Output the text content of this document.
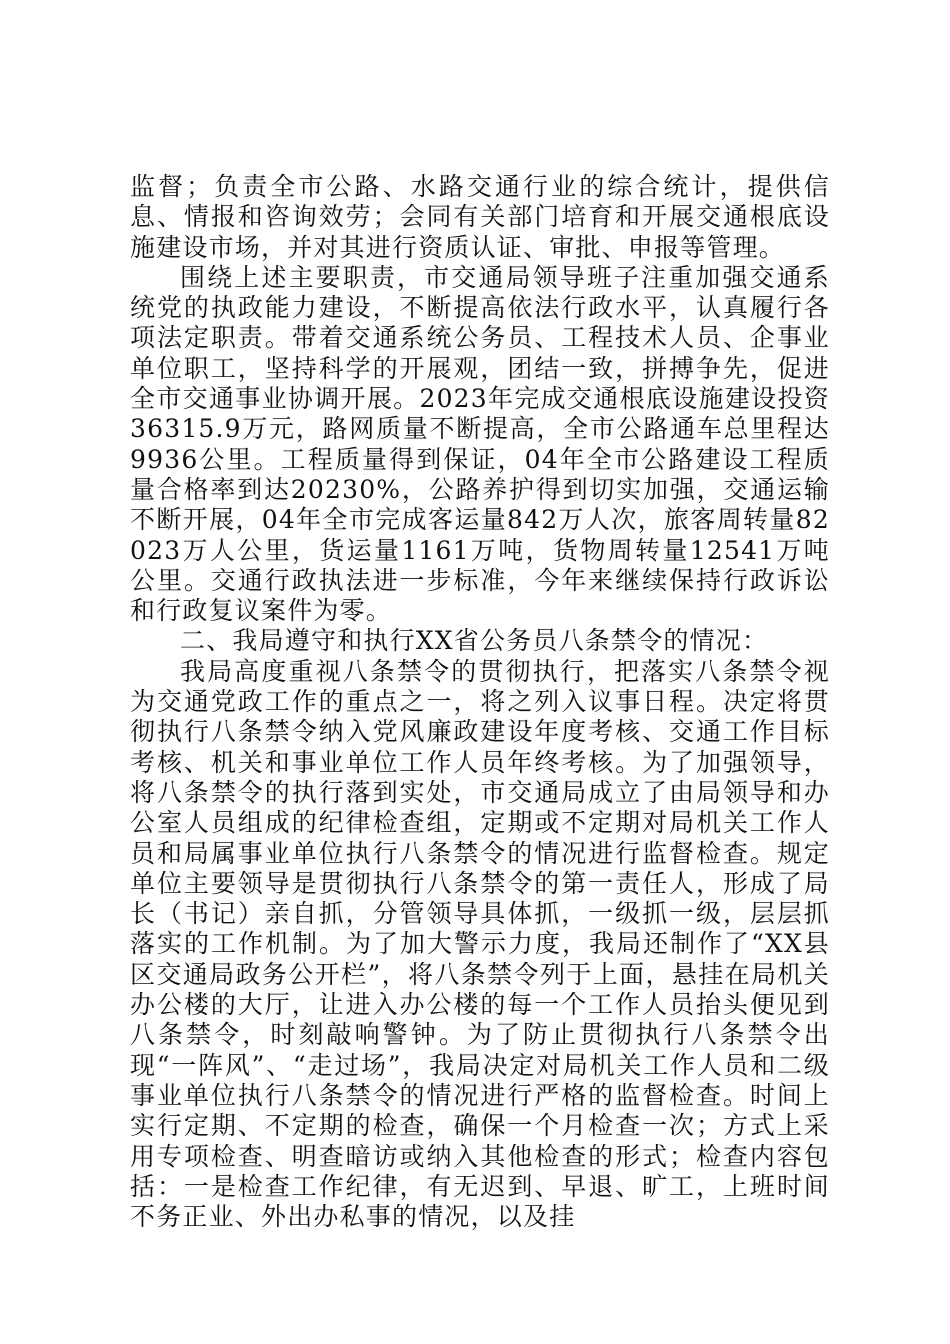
监督；负责全市公路、水路交通行业的综合统计，提供信息、情报和咨询效劳；会同有关部门培育和开展交通根底设施建设市场，并对其进行资质认证、审批、申报等管理。

围绕上述主要职责，市交通局领导班子注重加强交通系统党的执政能力建设，不断提高依法行政水平，认真履行各项法定职责。带着交通系统公务员、工程技术人员、企事业单位职工，坚持科学的开展观，团结一致，拼搏争先，促进全市交通事业协调开展。2023年完成交通根底设施建设投资36315.9万元，路网质量不断提高，全市公路通车总里程达9936公里。工程质量得到保证，04年全市公路建设工程质量合格率到达20230%，公路养护得到切实加强，交通运输不断开展，04年全市完成客运量842万人次，旅客周转量82023万人公里，货运量1161万吨，货物周转量12541万吨公里。交通行政执法进一步标准，今年来继续保持行政诉讼和行政复议案件为零。

二、我局遵守和执行XX省公务员八条禁令的情况：

我局高度重视八条禁令的贯彻执行，把落实八条禁令视为交通党政工作的重点之一，将之列入议事日程。决定将贯彻执行八条禁令纳入党风廉政建设年度考核、交通工作目标考核、机关和事业单位工作人员年终考核。为了加强领导，将八条禁令的执行落到实处，市交通局成立了由局领导和办公室人员组成的纪律检查组，定期或不定期对局机关工作人员和局属事业单位执行八条禁令的情况进行监督检查。规定单位主要领导是贯彻执行八条禁令的第一责任人，形成了局长（书记）亲自抓，分管领导具体抓，一级抓一级，层层抓落实的工作机制。为了加大警示力度，我局还制作了“XX县区交通局政务公开栏”，将八条禁令列于上面，悬挂在局机关办公楼的大厅，让进入办公楼的每一个工作人员抬头便见到八条禁令，时刻敲响警钟。为了防止贯彻执行八条禁令出现“一阵风”、“走过场”，我局决定对局机关工作人员和二级事业单位执行八条禁令的情况进行严格的监督检查。时间上实行定期、不定期的检查，确保一个月检查一次；方式上采用专项检查、明查暗访或纳入其他检查的形式；检查内容包括：一是检查工作纪律，有无迟到、早退、旷工，上班时间不务正业、外出办私事的情况，以及挂
